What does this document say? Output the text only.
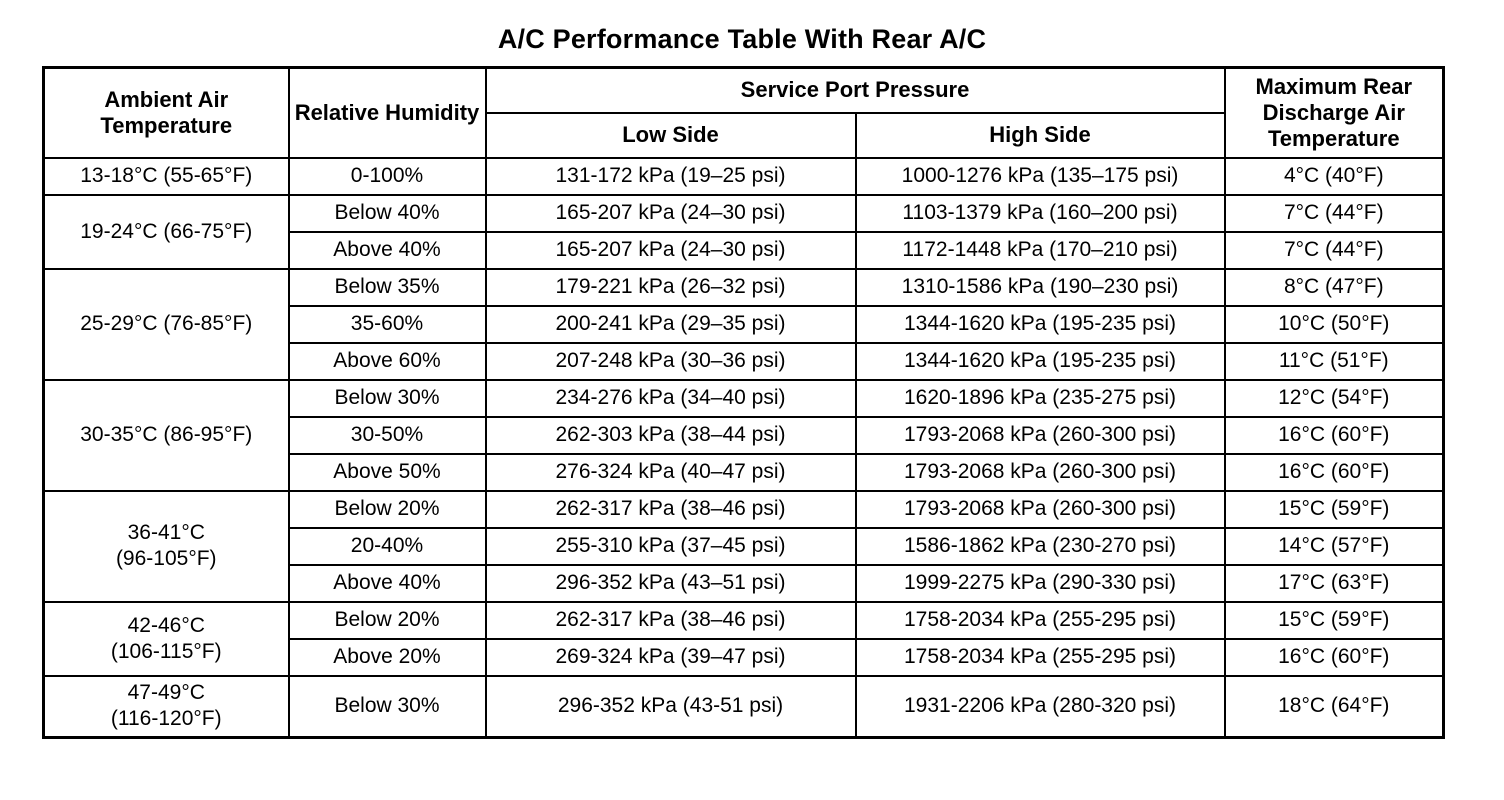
A/C Performance Table With Rear A/C
Ambient Air Temperature	Relative Humidity	Service Port Pressure		Maximum Rear Discharge Air Temperature
		Low Side	High Side	
13-18°C (55-65°F)	0-100%	131-172 kPa (19–25 psi)	1000-1276 kPa (135–175 psi)	4°C (40°F)
19-24°C (66-75°F)	Below 40%	165-207 kPa (24–30 psi)	1103-1379 kPa (160–200 psi)	7°C (44°F)
	Above 40%	165-207 kPa (24–30 psi)	1172-1448 kPa (170–210 psi)	7°C (44°F)
25-29°C (76-85°F)	Below 35%	179-221 kPa (26–32 psi)	1310-1586 kPa (190–230 psi)	8°C (47°F)
	35-60%	200-241 kPa (29–35 psi)	1344-1620 kPa (195-235 psi)	10°C (50°F)
	Above 60%	207-248 kPa (30–36 psi)	1344-1620 kPa (195-235 psi)	11°C (51°F)
30-35°C (86-95°F)	Below 30%	234-276 kPa (34–40 psi)	1620-1896 kPa (235-275 psi)	12°C (54°F)
	30-50%	262-303 kPa (38–44 psi)	1793-2068 kPa (260-300 psi)	16°C (60°F)
	Above 50%	276-324 kPa (40–47 psi)	1793-2068 kPa (260-300 psi)	16°C (60°F)

36-41°C
(96-105°F)	Below 20%	262-317 kPa (38–46 psi)	1793-2068 kPa (260-300 psi)	15°C (59°F)
	20-40%	255-310 kPa (37–45 psi)	1586-1862 kPa (230-270 psi)	14°C (57°F)
	Above 40%	296-352 kPa (43–51 psi)	1999-2275 kPa (290-330 psi)	17°C (63°F)

42-46°C
(106-115°F)	Below 20%	262-317 kPa (38–46 psi)	1758-2034 kPa (255-295 psi)	15°C (59°F)
	Above 20%	269-324 kPa (39–47 psi)	1758-2034 kPa (255-295 psi)	16°C (60°F)

47-49°C
(116-120°F)	Below 30%	296-352 kPa (43-51 psi)	1931-2206 kPa (280-320 psi)	18°C (64°F)
